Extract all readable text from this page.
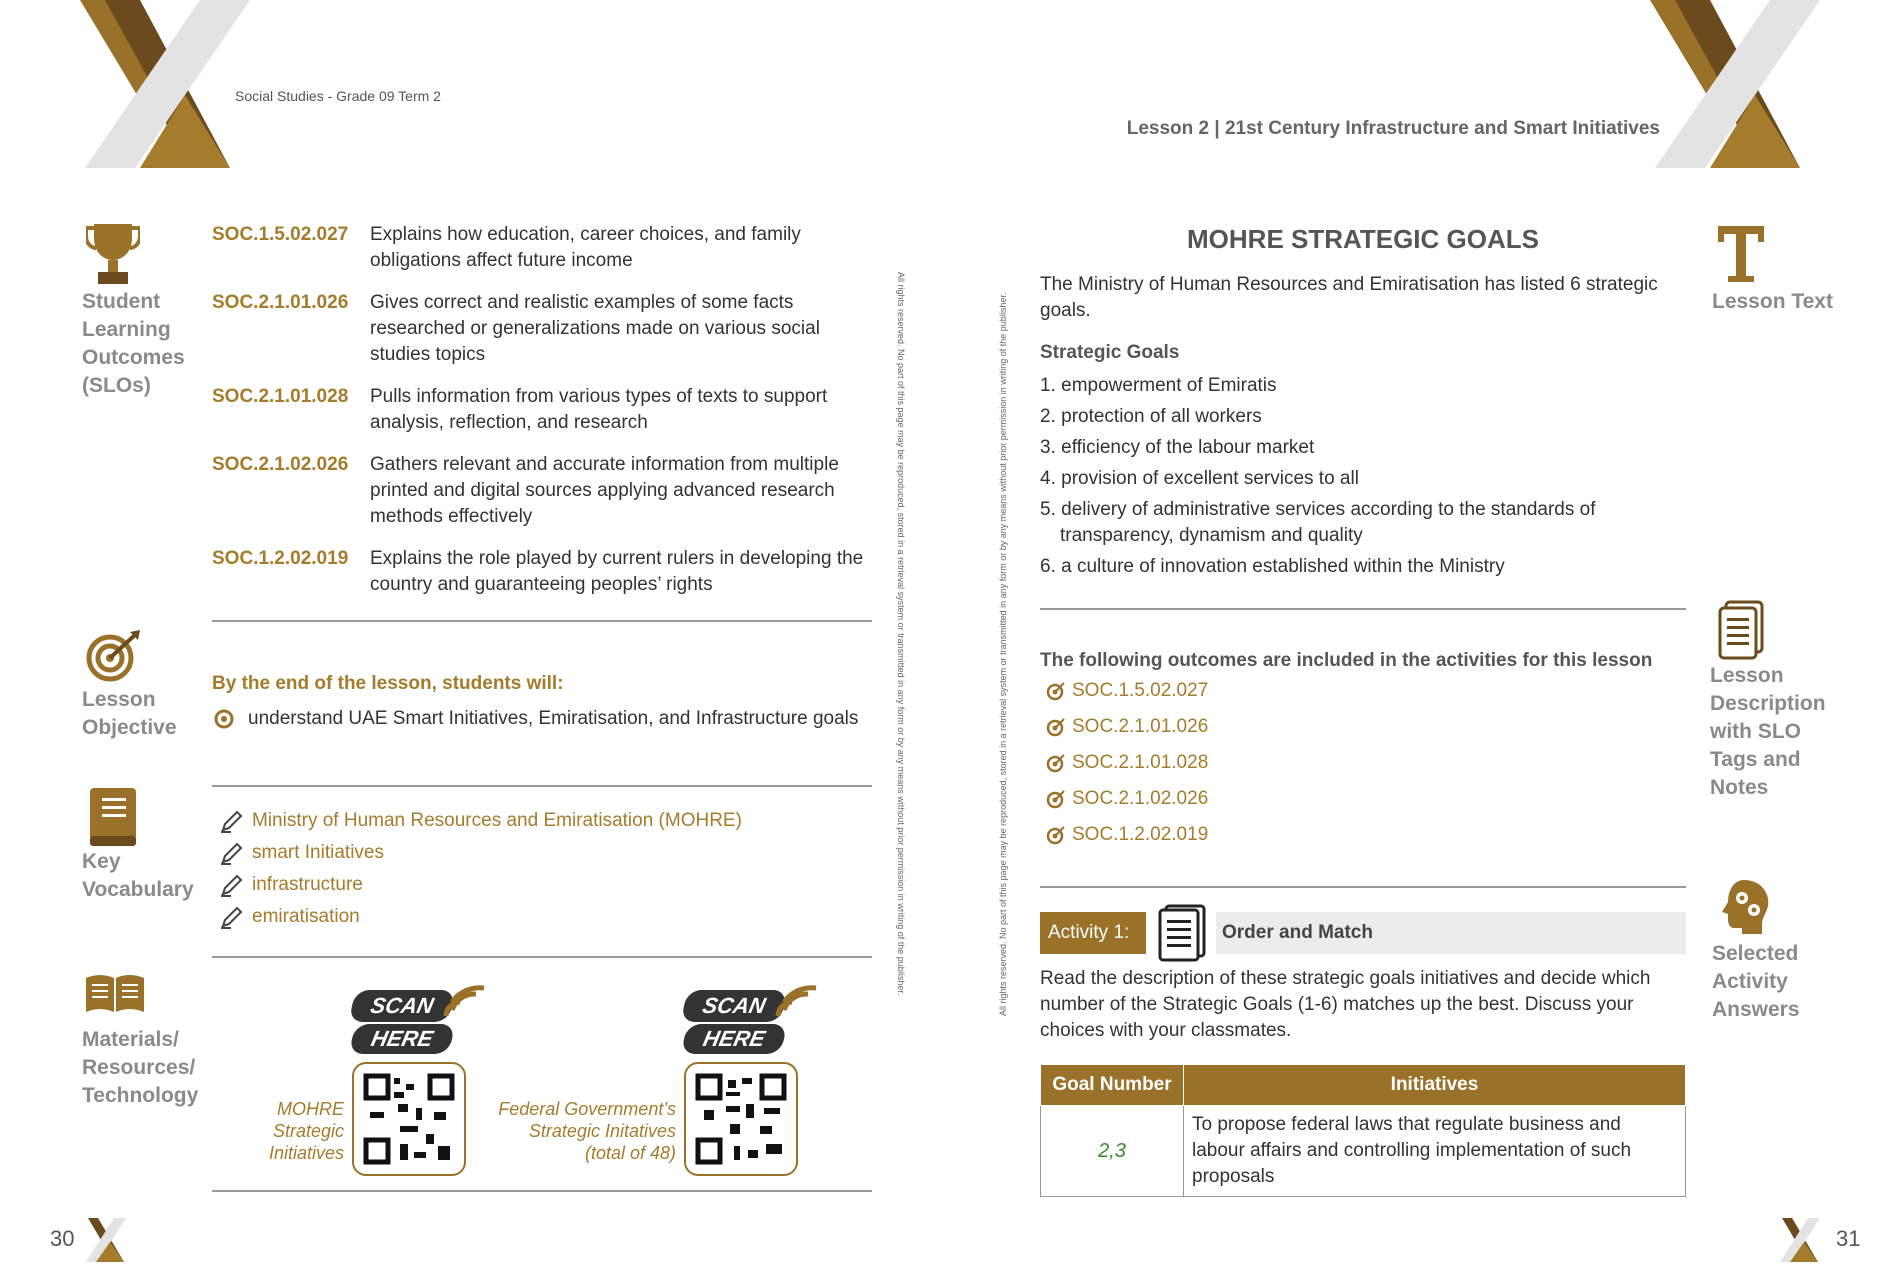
Social Studies - Grade 09 Term 2
Student
Learning
Outcomes
(SLOs)
SOC.1.5.02.027	Explains how education, career choices, and family obligations affect future income
SOC.2.1.01.026	Gives correct and realistic examples of some facts researched or generalizations made on various social studies topics
SOC.2.1.01.028	Pulls information from various types of texts to support analysis, reflection, and research
SOC.2.1.02.026	Gathers relevant and accurate information from multiple printed and digital sources applying advanced research methods effectively
SOC.1.2.02.019	Explains the role played by current rulers in developing the country and guaranteeing peoples’ rights
Lesson
Objective
By the end of the lesson, students will:
understand UAE Smart Initiatives, Emiratisation, and Infrastructure goals
Key
Vocabulary
Ministry of Human Resources and Emiratisation (MOHRE)
smart Initiatives
infrastructure
emiratisation
Materials/
Resources/
Technology
SCAN
HERE
MOHRE
Strategic
Initiatives
SCAN
HERE
Federal Government’s
Strategic Initatives
(total of 48)
30
All rights reserved. No part of this page may be reproduced, stored in a retrieval system or transmitted in any form or by any means without prior permission in writing of the publisher.	All rights reserved. No part of this page may be reproduced, stored in a retrieval system or transmitted in any form or by any means without prior permission in writing of the publisher.
Lesson 2 | 21st Century Infrastructure and Smart Initiatives
MOHRE STRATEGIC GOALS
The Ministry of Human Resources and Emiratisation has listed 6 strategic goals.
Strategic Goals
1. empowerment of Emiratis
2. protection of all workers
3. efficiency of the labour market
4. provision of excellent services to all
5. delivery of administrative services according to the standards of transparency, dynamism and quality
6. a culture of innovation established within the Ministry
The following outcomes are included in the activities for this lesson
SOC.1.5.02.027
SOC.2.1.01.026
SOC.2.1.01.028
SOC.2.1.02.026
SOC.1.2.02.019
Activity 1:	Order and Match
Read the description of these strategic goals initiatives and decide which number of the Strategic Goals (1-6) matches up the best. Discuss your choices with your classmates.
Goal Number	Initiatives
2,3	To propose federal laws that regulate business and labour affairs and controlling implementation of such proposals
Lesson Text
Lesson
Description
with SLO
Tags and
Notes
Selected
Activity
Answers
31
